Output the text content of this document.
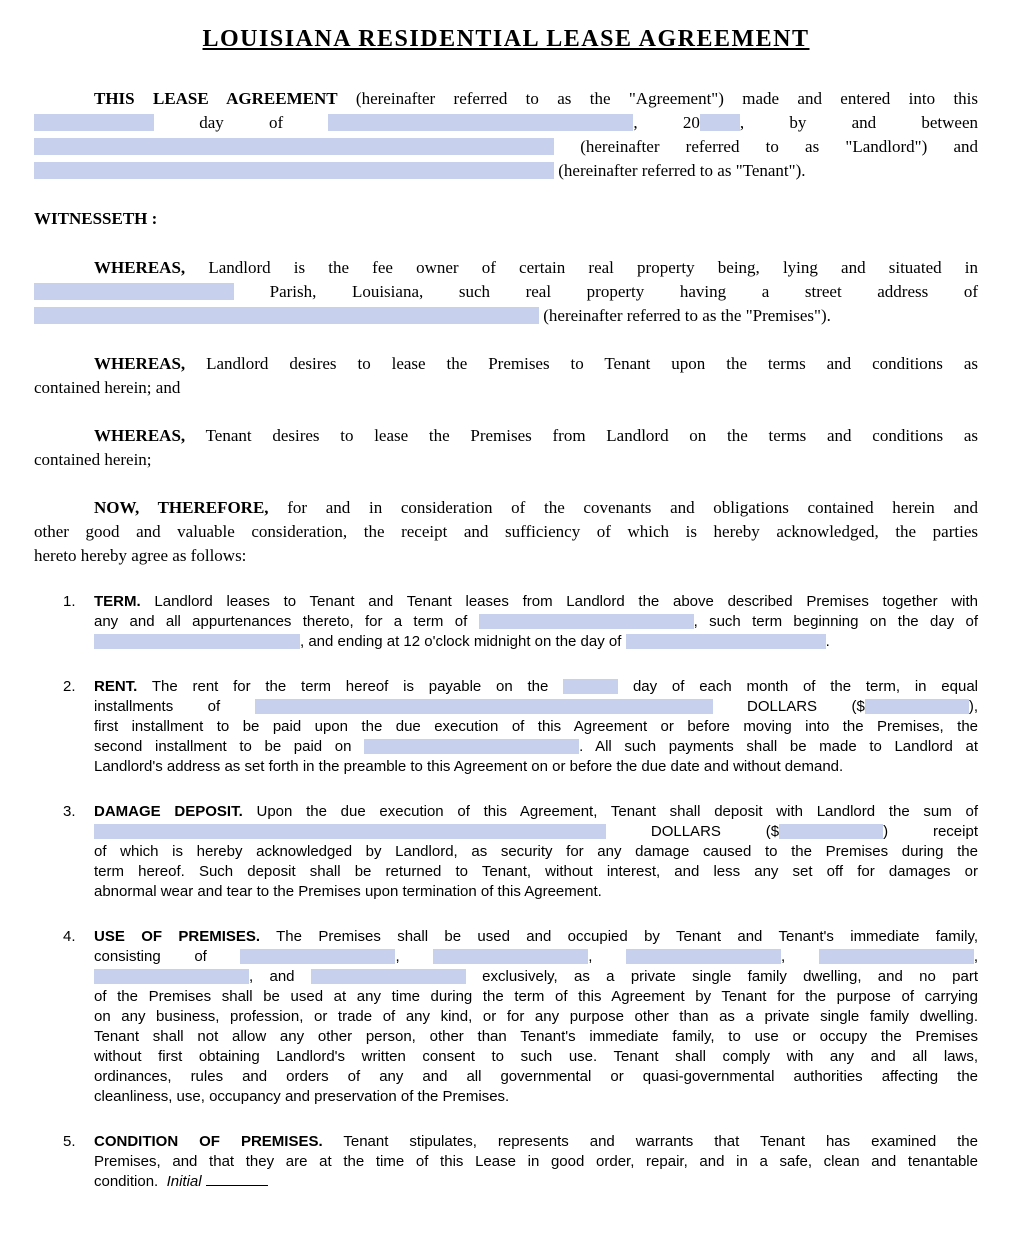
LOUISIANA RESIDENTIAL LEASE AGREEMENT
THIS LEASE AGREEMENT (hereinafter referred to as the "Agreement") made and entered into this
day of	, 20 , by and between
(hereinafter referred to as "Landlord") and
(hereinafter referred to as "Tenant").
WITNESSETH :
WHEREAS, Landlord is the fee owner of certain real property being, lying and situated in
Parish, Louisiana, such real property having a street address of
(hereinafter referred to as the "Premises").
WHEREAS, Landlord desires to lease the Premises to Tenant upon the terms and conditions as
contained herein; and
WHEREAS, Tenant desires to lease the Premises from Landlord on the terms and conditions as
contained herein;
NOW, THEREFORE, for and in consideration of the covenants and obligations contained herein and
other good and valuable consideration, the receipt and sufficiency of which is hereby acknowledged, the parties
hereto hereby agree as follows:
1.	TERM. Landlord leases to Tenant and Tenant leases from Landlord the above described Premises together with
any and all appurtenances thereto, for a term of	, such term beginning on the day of
, and ending at 12 o'clock midnight on the day of	.
2.	RENT. The rent for the term hereof is payable on the	day of each month of the term, in equal
installments of	DOLLARS ($	),
first installment to be paid upon the due execution of this Agreement or before moving into the Premises, the
second installment to be paid on	. All such payments shall be made to Landlord at
Landlord's address as set forth in the preamble to this Agreement on or before the due date and without demand.
3.	DAMAGE DEPOSIT. Upon the due execution of this Agreement, Tenant shall deposit with Landlord the sum of
DOLLARS ($	) receipt
of which is hereby acknowledged by Landlord, as security for any damage caused to the Premises during the
term hereof. Such deposit shall be returned to Tenant, without interest, and less any set off for damages or
abnormal wear and tear to the Premises upon termination of this Agreement.
4.	USE OF PREMISES. The Premises shall be used and occupied by Tenant and Tenant's immediate family,
consisting of	,	,	,	,
, and	exclusively, as a private single family dwelling, and no part
of the Premises shall be used at any time during the term of this Agreement by Tenant for the purpose of carrying
on any business, profession, or trade of any kind, or for any purpose other than as a private single family dwelling.
Tenant shall not allow any other person, other than Tenant's immediate family, to use or occupy the Premises
without first obtaining Landlord's written consent to such use. Tenant shall comply with any and all laws,
ordinances, rules and orders of any and all governmental or quasi-governmental authorities affecting the
cleanliness, use, occupancy and preservation of the Premises.
5.	CONDITION OF PREMISES. Tenant stipulates, represents and warrants that Tenant has examined the
Premises, and that they are at the time of this Lease in good order, repair, and in a safe, clean and tenantable
condition. Initial
